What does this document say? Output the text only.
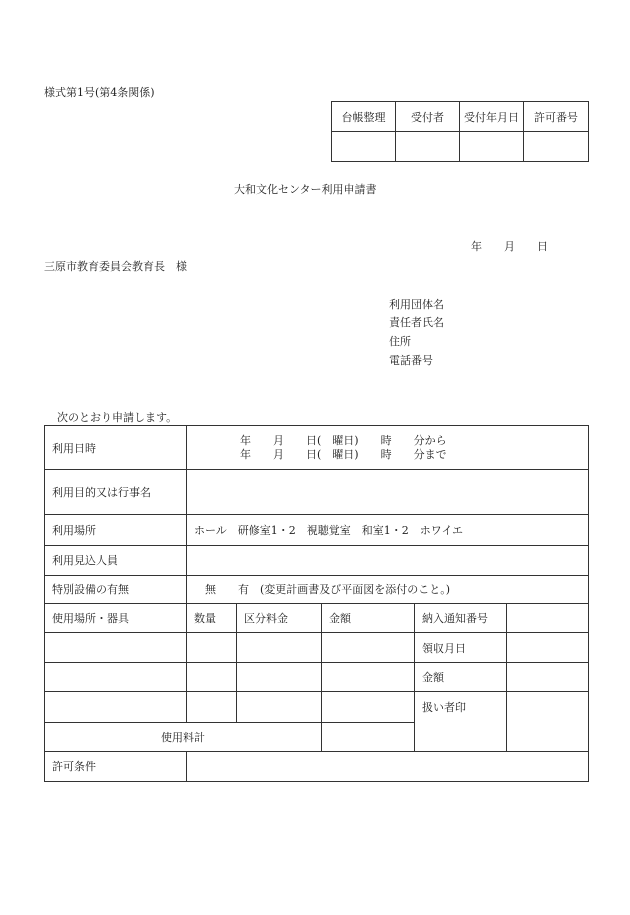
様式第1号(第4条関係)
台帳整理	受付者	受付年月日	許可番号

大和文化センター利用申請書
年　　月　　日
三原市教育委員会教育長　様
利用団体名
責任者氏名
住所
電話番号
次のとおり申請します。
利用日時	年　　月　　日(　曜日)　　時　　分から
年　　月　　日(　曜日)　　時　　分まで				

利用目的又は行事名					
利用場所	ホール　研修室1・2　視聴覚室　和室1・2　ホワイエ				
利用見込人員					
特別設備の有無	無　　有　(変更計画書及び平面図を添付のこと。)				
使用場所・器具	数量	区分料金	金額	納入通知番号	
				領収月日	
				金額	
				扱い者印	
使用料計					
許可条件					
